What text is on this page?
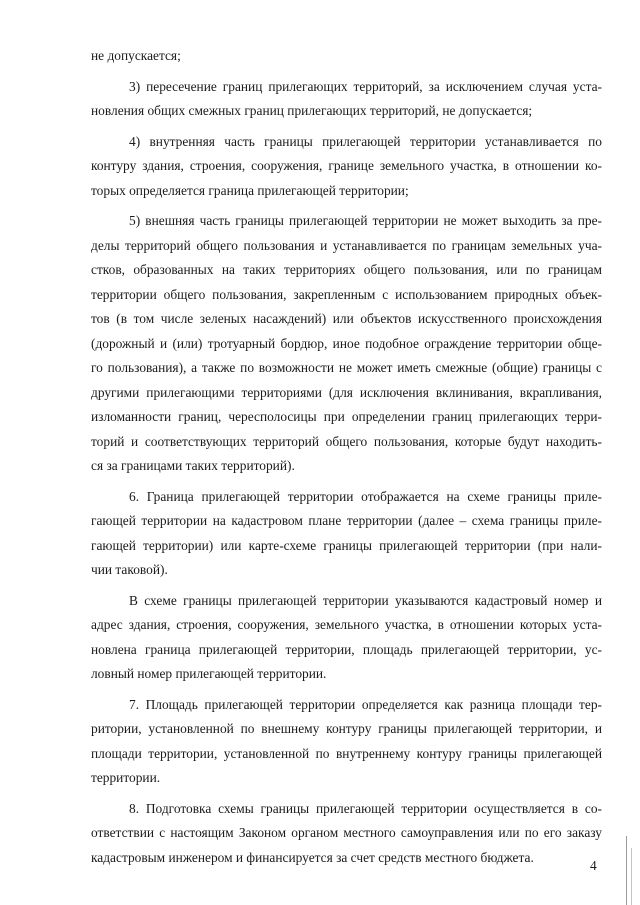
не допускается;
3) пересечение границ прилегающих территорий, за исключением случая уста-
новления общих смежных границ прилегающих территорий, не допускается;
4) внутренняя часть границы прилегающей территории устанавливается по
контуру здания, строения, сооружения, границе земельного участка, в отношении ко-
торых определяется граница прилегающей территории;
5) внешняя часть границы прилегающей территории не может выходить за пре-
делы территорий общего пользования и устанавливается по границам земельных уча-
стков, образованных на таких территориях общего пользования, или по границам
территории общего пользования, закрепленным с использованием природных объек-
тов (в том числе зеленых насаждений) или объектов искусственного происхождения
(дорожный и (или) тротуарный бордюр, иное подобное ограждение территории обще-
го пользования), а также по возможности не может иметь смежные (общие) границы с
другими прилегающими территориями (для исключения вклинивания, вкрапливания,
изломанности границ, чересполосицы при определении границ прилегающих терри-
торий и соответствующих территорий общего пользования, которые будут находить-
ся за границами таких территорий).
6. Граница прилегающей территории отображается на схеме границы приле-
гающей территории на кадастровом плане территории (далее – схема границы приле-
гающей территории) или карте-схеме границы прилегающей территории (при нали-
чии таковой).
В схеме границы прилегающей территории указываются кадастровый номер и
адрес здания, строения, сооружения, земельного участка, в отношении которых уста-
новлена граница прилегающей территории, площадь прилегающей территории, ус-
ловный номер прилегающей территории.
7. Площадь прилегающей территории определяется как разница площади тер-
ритории, установленной по внешнему контуру границы прилегающей территории, и
площади территории, установленной по внутреннему контуру границы прилегающей
территории.
8. Подготовка схемы границы прилегающей территории осуществляется в со-
ответствии с настоящим Законом органом местного самоуправления или по его заказу
кадастровым инженером и финансируется за счет средств местного бюджета.
4
